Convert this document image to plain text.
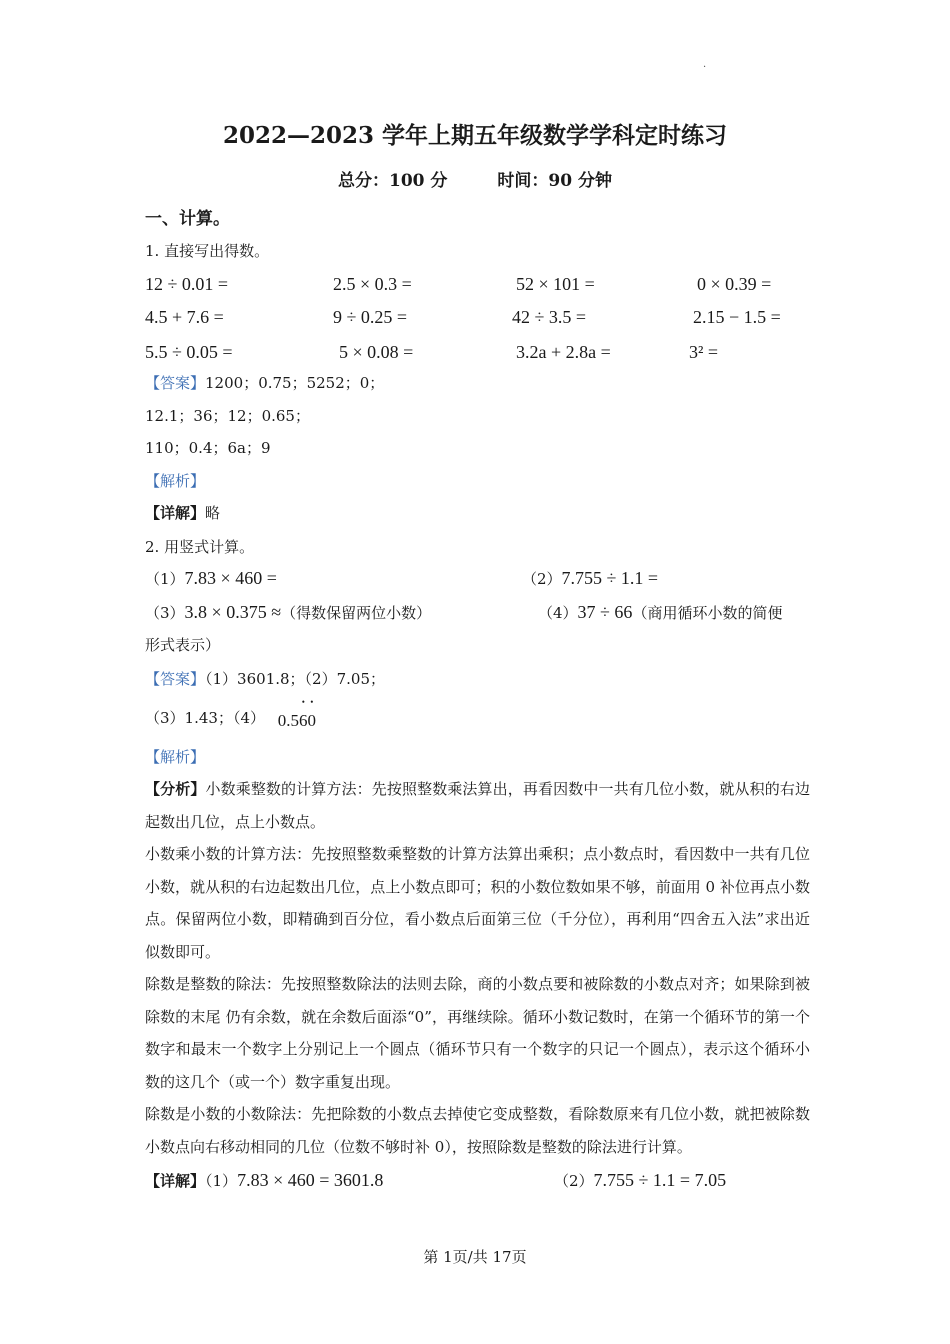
·
2022—2023 学年上期五年级数学学科定时练习
总分：100 分	时间：90 分钟
一、计算。
1. 直接写出得数。
12 ÷ 0.01 =	2.5 × 0.3 =	52 × 101 =	0 × 0.39 =
4.5 + 7.6 =	9 ÷ 0.25 =	42 ÷ 3.5 =	2.15 − 1.5 =
5.5 ÷ 0.05 =	5 × 0.08 =	3.2a + 2.8a =	3² =
【答案】1200；0.75；5252；0；
12.1；36；12；0.65；
110；0.4；6a；9
【解析】
【详解】略
2. 用竖式计算。
（1）7.83 × 460 =	（2）7.755 ÷ 1.1 =
（3）3.8 × 0.375 ≈（得数保留两位小数）	（4）37 ÷ 66（商用循环小数的简便
形式表示）
【答案】（1）3601.8；（2）7.05；
（3）1.43；（4） 0.5• 6• 0
【解析】
【分析】小数乘整数的计算方法：先按照整数乘法算出，再看因数中一共有几位小数，就从积的右边起数出几位，点上小数点。
小数乘小数的计算方法：先按照整数乘整数的计算方法算出乘积；点小数点时，看因数中一共有几位小数，就从积的右边起数出几位，点上小数点即可；积的小数位数如果不够，前面用 0 补位再点小数点。保留两位小数，即精确到百分位，看小数点后面第三位（千分位），再利用“四舍五入法”求出近似数即可。
除数是整数的除法：先按照整数除法的法则去除，商的小数点要和被除数的小数点对齐；如果除到被除数的末尾 仍有余数，就在余数后面添“0”，再继续除。循环小数记数时，在第一个循环节的第一个数字和最末一个数字上分别记上一个圆点（循环节只有一个数字的只记一个圆点），表示这个循环小数的这几个（或一个）数字重复出现。
除数是小数的小数除法：先把除数的小数点去掉使它变成整数，看除数原来有几位小数，就把被除数小数点向右移动相同的几位（位数不够时补 0），按照除数是整数的除法进行计算。
【详解】（1）7.83 × 460 = 3601.8	（2）7.755 ÷ 1.1 = 7.05
第 1页/共 17页
